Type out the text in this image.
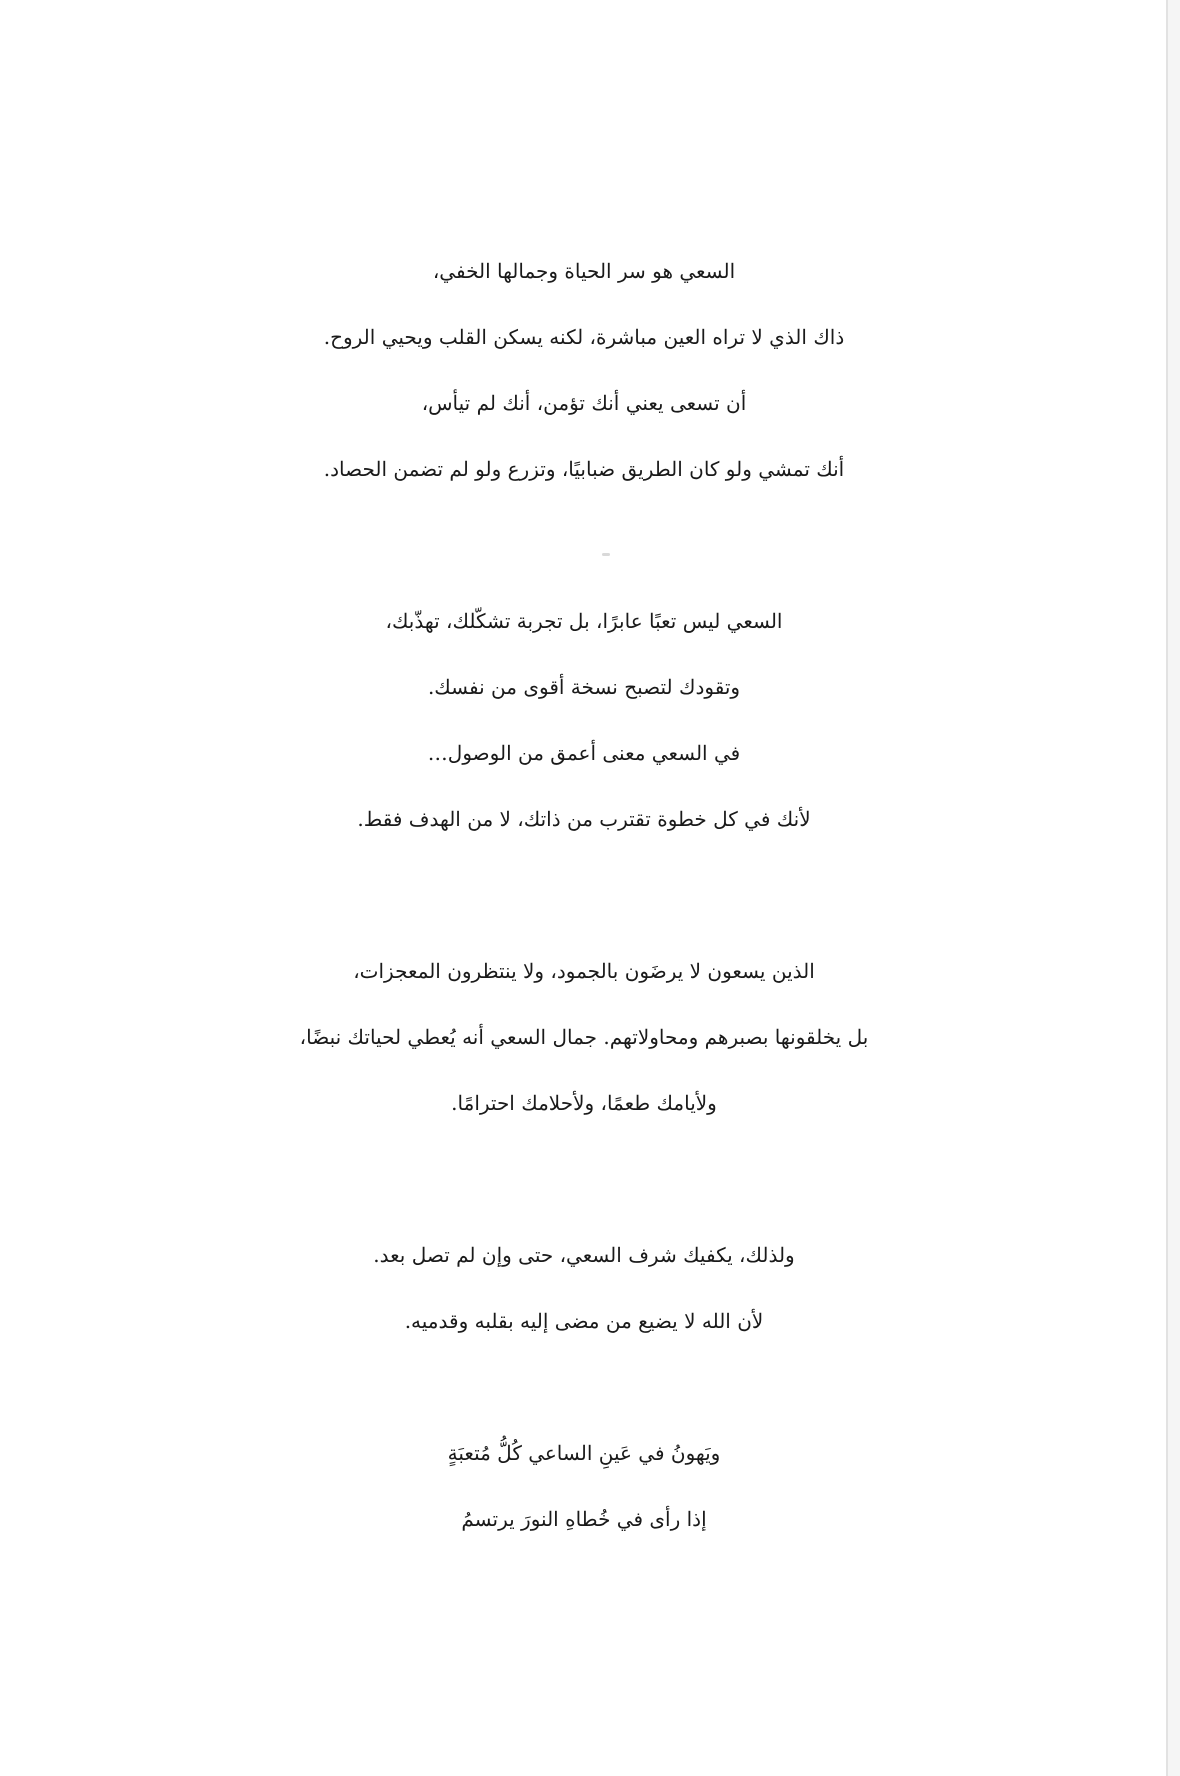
السعي هو سر الحياة وجمالها الخفي،
ذاك الذي لا تراه العين مباشرة، لكنه يسكن القلب ويحيي الروح.
أن تسعى يعني أنك تؤمن، أنك لم تيأس،
أنك تمشي ولو كان الطريق ضبابيًا، وتزرع ولو لم تضمن الحصاد.
السعي ليس تعبًا عابرًا، بل تجربة تشكّلك، تهذّبك،
وتقودك لتصبح نسخة أقوى من نفسك.
في السعي معنى أعمق من الوصول…
لأنك في كل خطوة تقترب من ذاتك، لا من الهدف فقط.
الذين يسعون لا يرضَون بالجمود، ولا ينتظرون المعجزات،
بل يخلقونها بصبرهم ومحاولاتهم. جمال السعي أنه يُعطي لحياتك نبضًا،
ولأيامك طعمًا، ولأحلامك احترامًا.
ولذلك، يكفيك شرف السعي، حتى وإن لم تصل بعد.
لأن الله لا يضيع من مضى إليه بقلبه وقدميه.
ويَهونُ في عَينِ الساعي كُلُّ مُتعبَةٍ
إذا رأى في خُطاهِ النورَ يرتسمُ
